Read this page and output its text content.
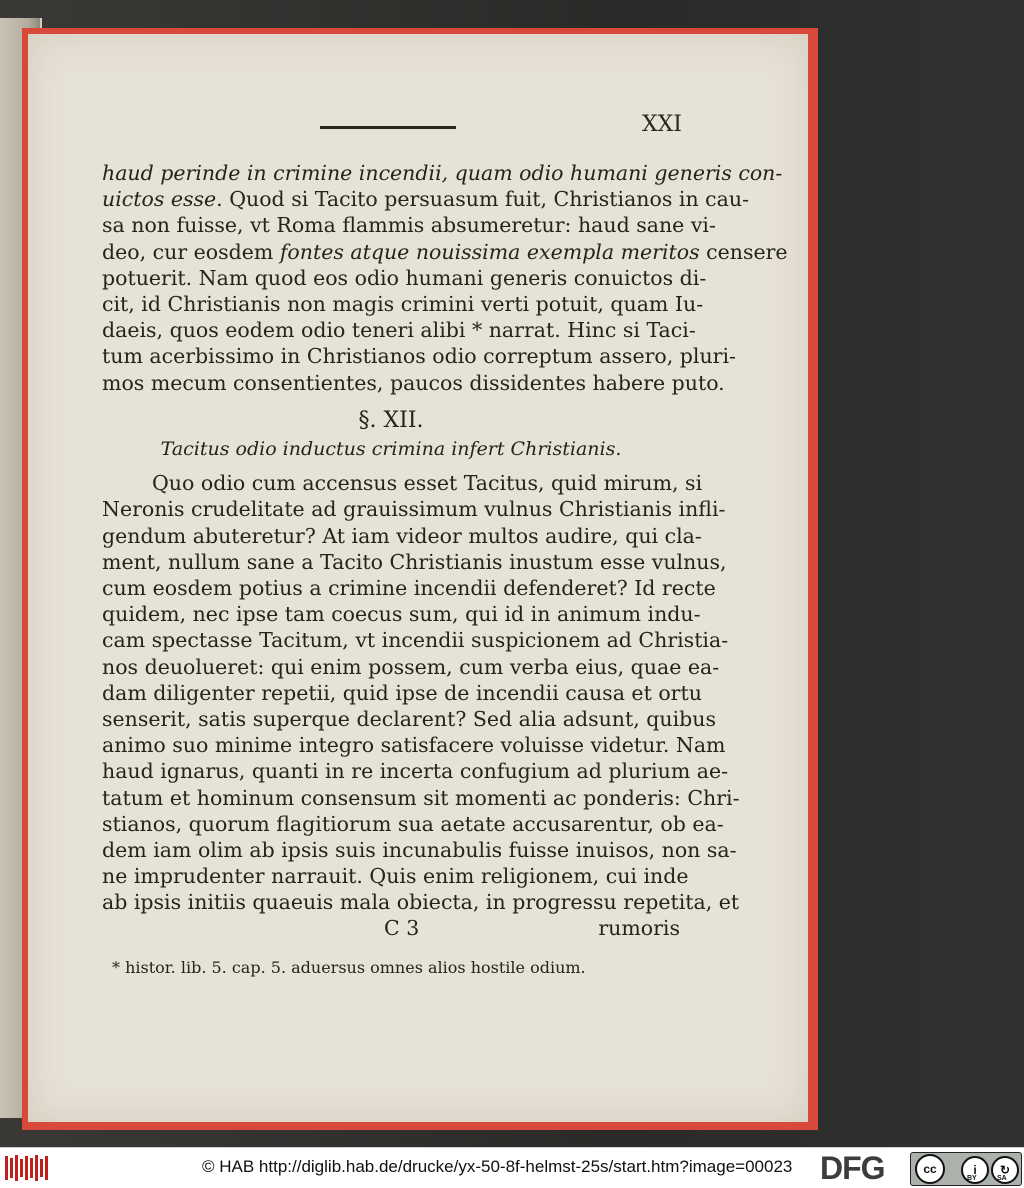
XXI
haud perinde in crimine incendii, quam odio humani generis con-
uictos esse. Quod si Tacito persuasum fuit, Christianos in cau-
sa non fuisse, vt Roma flammis absumeretur: haud sane vi-
deo, cur eosdem fontes atque nouissima exempla meritos censere
potuerit. Nam quod eos odio humani generis conuictos di-
cit, id Christianis non magis crimini verti potuit, quam Iu-
daeis, quos eodem odio teneri alibi * narrat. Hinc si Taci-
tum acerbissimo in Christianos odio correptum assero, pluri-
mos mecum consentientes, paucos dissidentes habere puto.
§. XII.
Tacitus odio inductus crimina infert Christianis.
Quo odio cum accensus esset Tacitus, quid mirum, si
Neronis crudelitate ad grauissimum vulnus Christianis infli-
gendum abuteretur? At iam videor multos audire, qui cla-
ment, nullum sane a Tacito Christianis inustum esse vulnus,
cum eosdem potius a crimine incendii defenderet? Id recte
quidem, nec ipse tam coecus sum, qui id in animum indu-
cam spectasse Tacitum, vt incendii suspicionem ad Christia-
nos deuolueret: qui enim possem, cum verba eius, quae ea-
dam diligenter repetii, quid ipse de incendii causa et ortu
senserit, satis superque declarent? Sed alia adsunt, quibus
animo suo minime integro satisfacere voluisse videtur. Nam
haud ignarus, quanti in re incerta confugium ad plurium ae-
tatum et hominum consensum sit momenti ac ponderis: Chri-
stianos, quorum flagitiorum sua aetate accusarentur, ob ea-
dem iam olim ab ipsis suis incunabulis fuisse inuisos, non sa-
ne imprudenter narrauit. Quis enim religionem, cui inde
ab ipsis initiis quaeuis mala obiecta, in progressu repetita, et
C 3	rumoris
* histor. lib. 5. cap. 5. aduersus omnes alios hostile odium.
© HAB http://diglib.hab.de/drucke/yx-50-8f-helmst-25s/start.htm?image=00023 DFG	cc	i	↻
BY	SA
